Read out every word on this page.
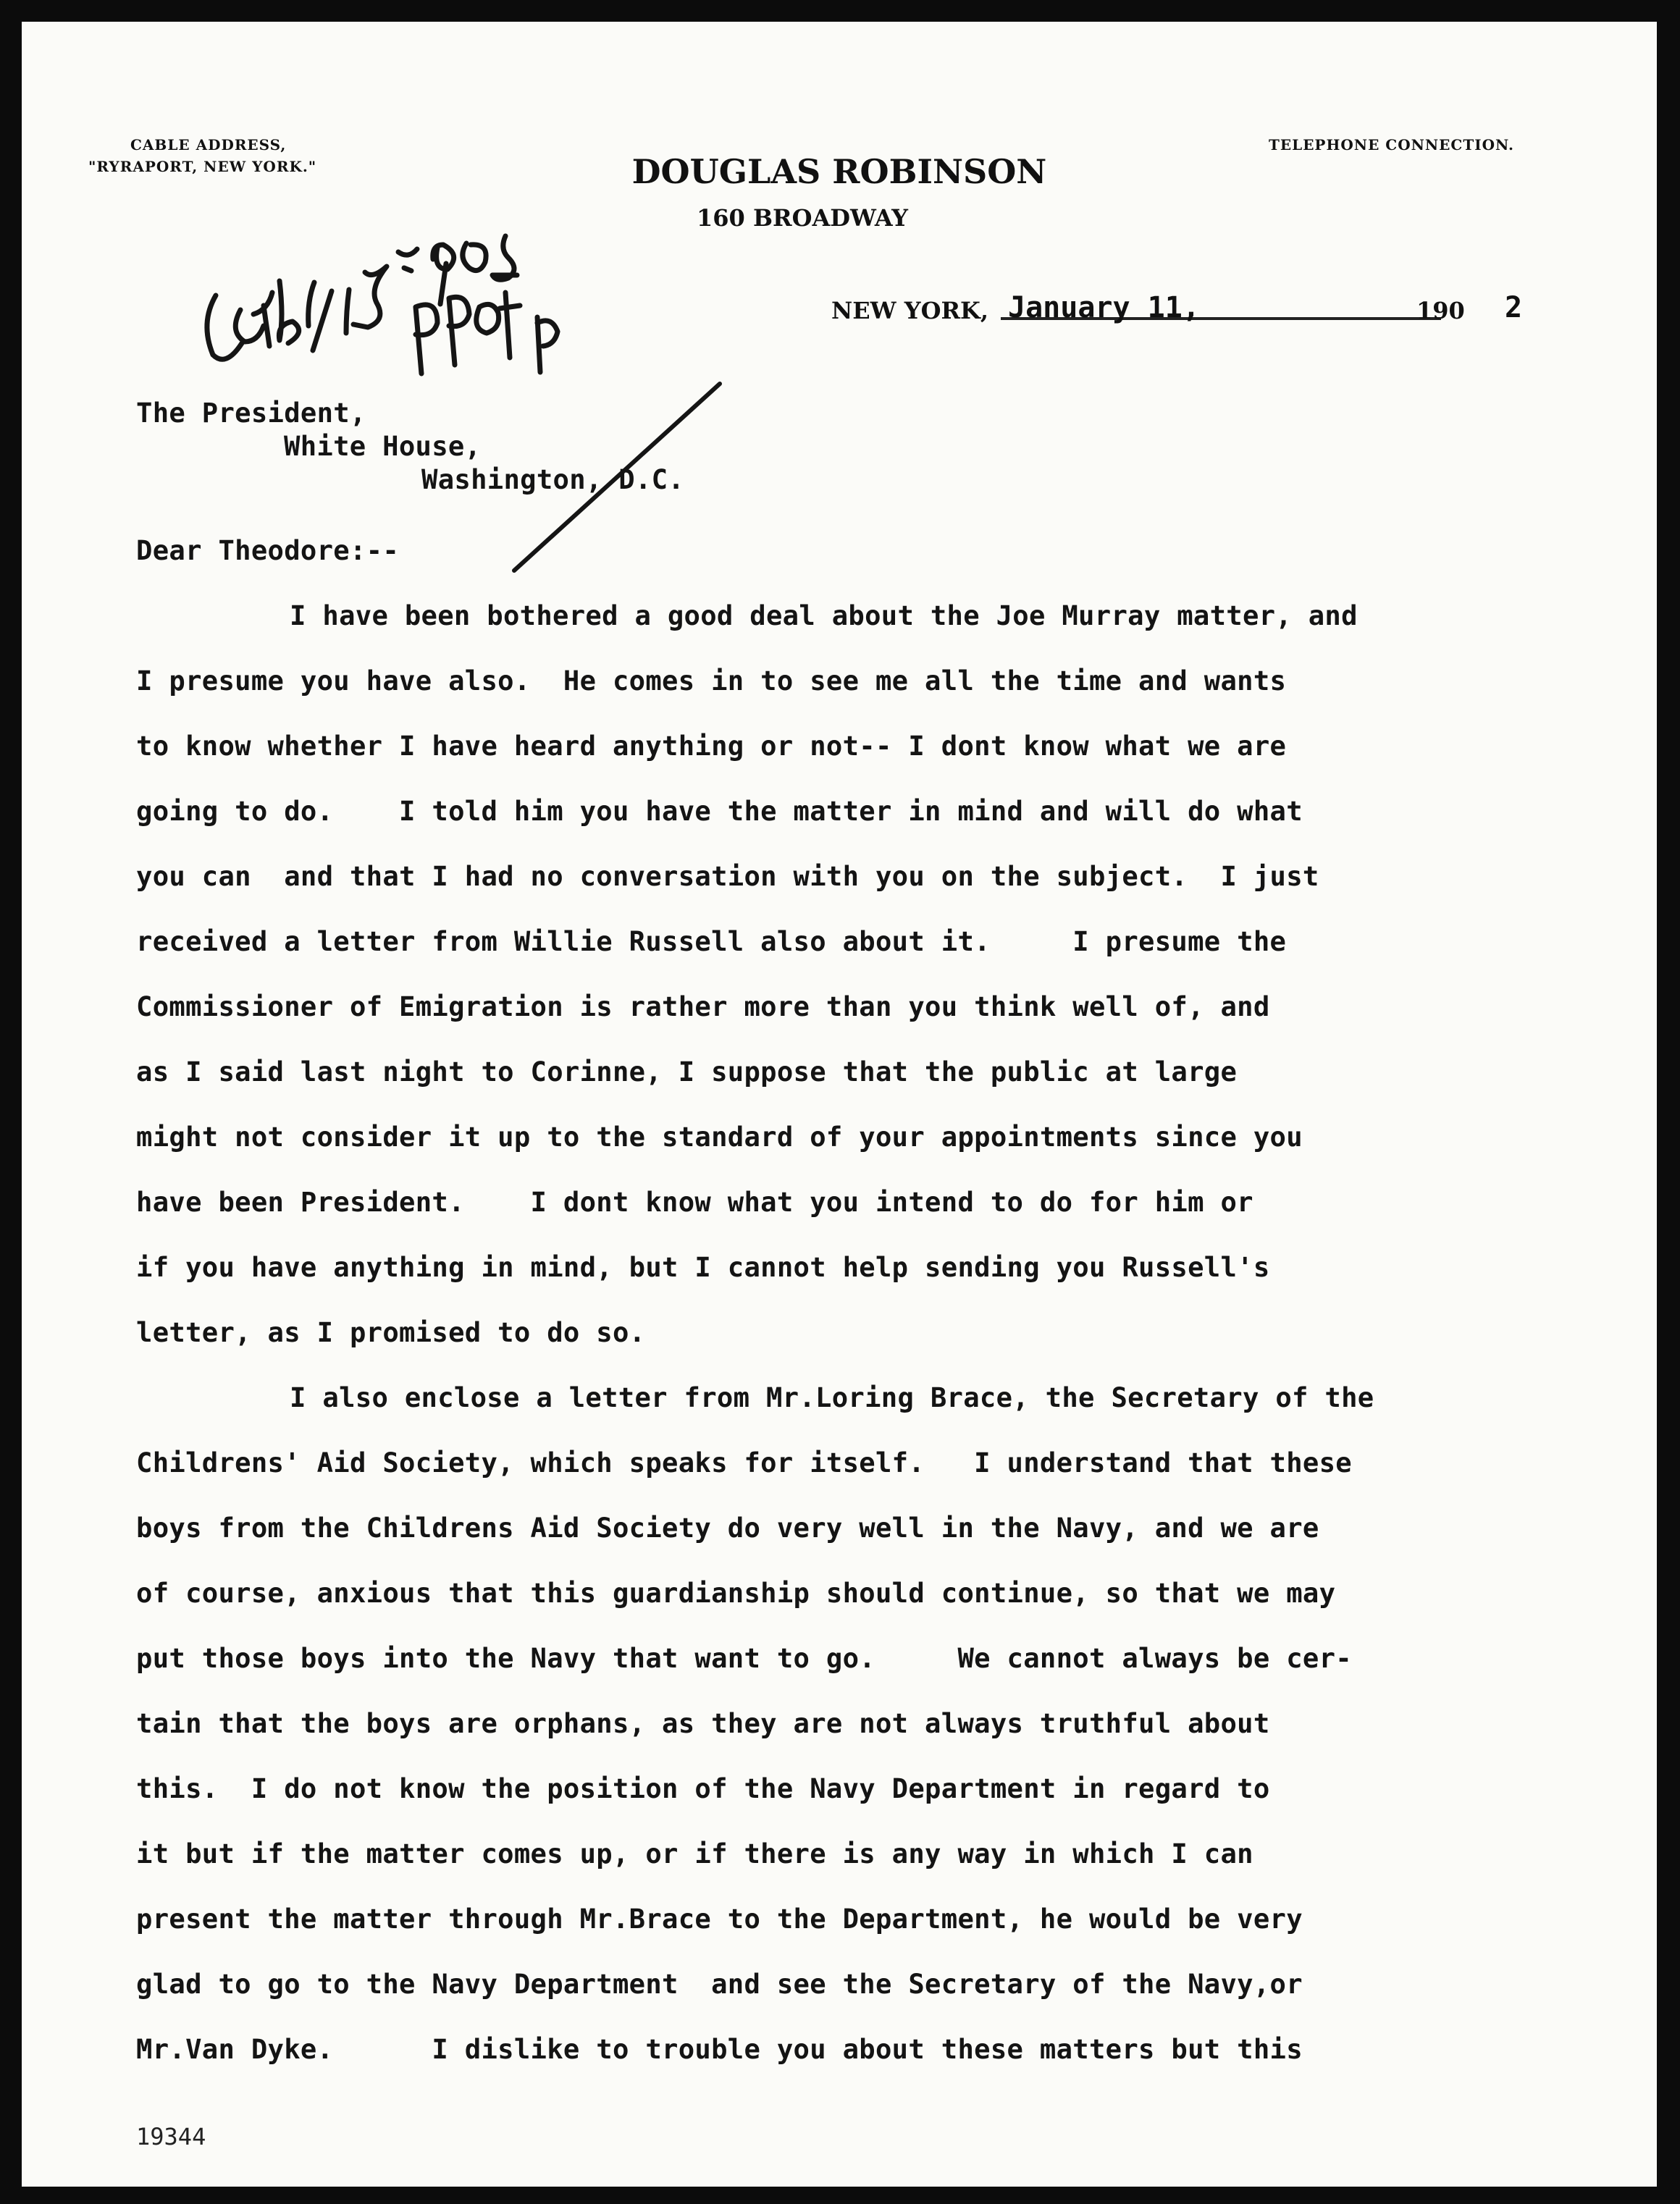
CABLE ADDRESS,
"RYRAPORT, NEW YORK."	DOUGLAS ROBINSON
160 BROADWAY
TELEPHONE CONNECTION.
NEW YORK, January 11,	190 2
The President,
White House,
Washington, D.C.
Dear Theodore:--
I have been bothered a good deal about the Joe Murray matter, and
I presume you have also.  He comes in to see me all the time and wants
to know whether I have heard anything or not-- I dont know what we are
going to do.    I told him you have the matter in mind and will do what
you can  and that I had no conversation with you on the subject.  I just
received a letter from Willie Russell also about it.     I presume the
Commissioner of Emigration is rather more than you think well of, and
as I said last night to Corinne, I suppose that the public at large
might not consider it up to the standard of your appointments since you
have been President.    I dont know what you intend to do for him or
if you have anything in mind, but I cannot help sending you Russell's
letter, as I promised to do so.
I also enclose a letter from Mr.Loring Brace, the Secretary of the
Childrens' Aid Society, which speaks for itself.   I understand that these
boys from the Childrens Aid Society do very well in the Navy, and we are
of course, anxious that this guardianship should continue, so that we may
put those boys into the Navy that want to go.     We cannot always be cer-
tain that the boys are orphans, as they are not always truthful about
this.  I do not know the position of the Navy Department in regard to
it but if the matter comes up, or if there is any way in which I can
present the matter through Mr.Brace to the Department, he would be very
glad to go to the Navy Department  and see the Secretary of the Navy,or
Mr.Van Dyke.      I dislike to trouble you about these matters but this
19344
